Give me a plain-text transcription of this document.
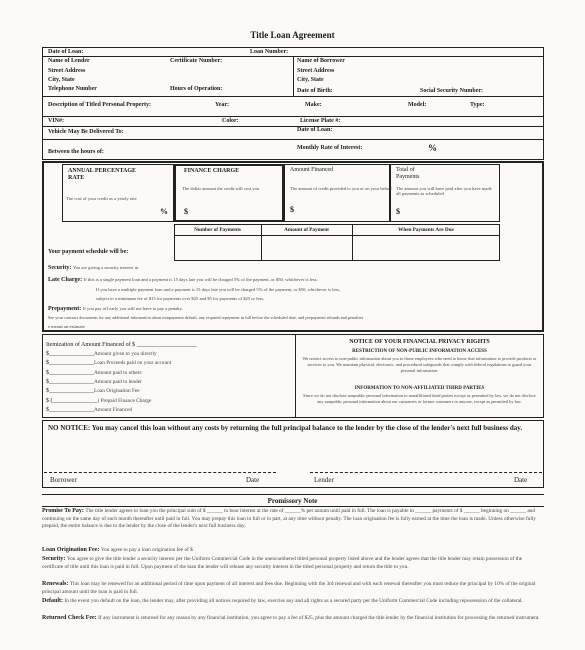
Title Loan Agreement
Date of Loan:	Loan Number:
Name of Lender	Certificate Number:
Street Address
City, State
Telephone Number	Hours of Operation:
Name of Borrower
Street Address
City, State
Date of Birth:	Social Security Number:
Description of Titled Personal Property:	Year:	Make:	Model:	Type:
VIN#:	Color:	License Plate #:
Vehicle May Be Delivered To:	Date of Loan:
Between the hours of:
Monthly Rate of Interest:	%
ANNUAL PERCENTAGE RATE
The cost of your credit as a yearly rate
%
FINANCE CHARGE
The dollar amount the credit will cost you
$
Amount Financed
The amount of credit provided to you or on your behalf
$
Total of Payments
The amount you will have paid after you have made all payments as scheduled
$
Number of Payments	Amount of Payment	When Payments Are Due
Your payment schedule will be:
Security: You are giving a security interest in
Late Charge: If this is a single payment loan and a payment is 15 days late you will be charged 5% of the payment, or $50, whichever is less.
If you have a multiple payment loan and a payment is 15 days late you will be charged 5% of the payment, or $50, whichever is less,
subject to a minimum fee of $15 for payments over $25 and $5 for payments of $25 or less.
Prepayment: If you pay off early you will not have to pay a penalty.
See your contract documents for any additional information about nonpayment default, any required repayment in full before the scheduled date, and prepayment refunds and penalties
e means an estimate
Itemization of Amount Financed of $ ____________________
$_______________Amount given to you directly
$_______________Loan Proceeds paid on your account
$_______________Amount paid to others
$_______________Amount paid to lender
$_______________Loan Origination Fee
$ (_______________) Prepaid Finance Charge
$_______________Amount Financed
NOTICE OF YOUR FINANCIAL PRIVACY RIGHTS
RESTRICTION OF NON-PUBLIC INFORMATION ACCESS
We restrict access to non-public information about you to those employees who need to know that information to provide products or services to you. We maintain physical, electronic, and procedural safeguards that comply with federal regulations to guard your personal information.
INFORMATION TO NON-AFFILIATED THIRD PARTIES
Since we do not disclose nonpublic personal information to nonaffiliated third parties except as permitted by law, we do not disclose any nonpublic personal information about our customers or former customers to anyone, except as permitted by law.
NO NOTICE: You may cancel this loan without any costs by returning the full principal balance to the lender by the close of the lender's next full business day.
Borrower	Date	Lender	Date
Promissory Note
Promise To Pay: The title lender agrees to loan you the principal sum of $ ______ to bear interest at the rate of ______% per annum until paid in full. The loan is payable in ______ payments of $ ______ beginning on ______ and continuing on the same day of each month thereafter until paid in full. You may prepay this loan in full or in part, at any time without penalty. The loan origination fee is fully earned at the time the loan is made. Unless otherwise fully prepaid, the entire balance is due to the lender by the close of the lender's next full business day.
Loan Origination Fee: You agree to pay a loan origination fee of $
Security: You agree to give the title lender a security interest per the Uniform Commercial Code in the unencumbered titled personal property listed above and the lender agrees that the title lender may retain possession of the certificate of title until this loan is paid in full. Upon payment of the loan the lender will release any security interest in the titled personal property and return the title to you.
Renewals: This loan may be renewed for an additional period of time upon payment of all interest and fees due. Beginning with the 3rd renewal and with each renewal thereafter you must reduce the principal by 10% of the original principal amount until the loan is paid in full.
Default: In the event you default on the loan, the lender may, after providing all notices required by law, exercise any and all rights as a secured party per the Uniform Commercial Code including repossession of the collateral.
Returned Check Fee: If any instrument is returned for any reason by any financial institution, you agree to pay a fee of $25, plus the amount charged the title lender by the financial institution for processing the returned instrument.
